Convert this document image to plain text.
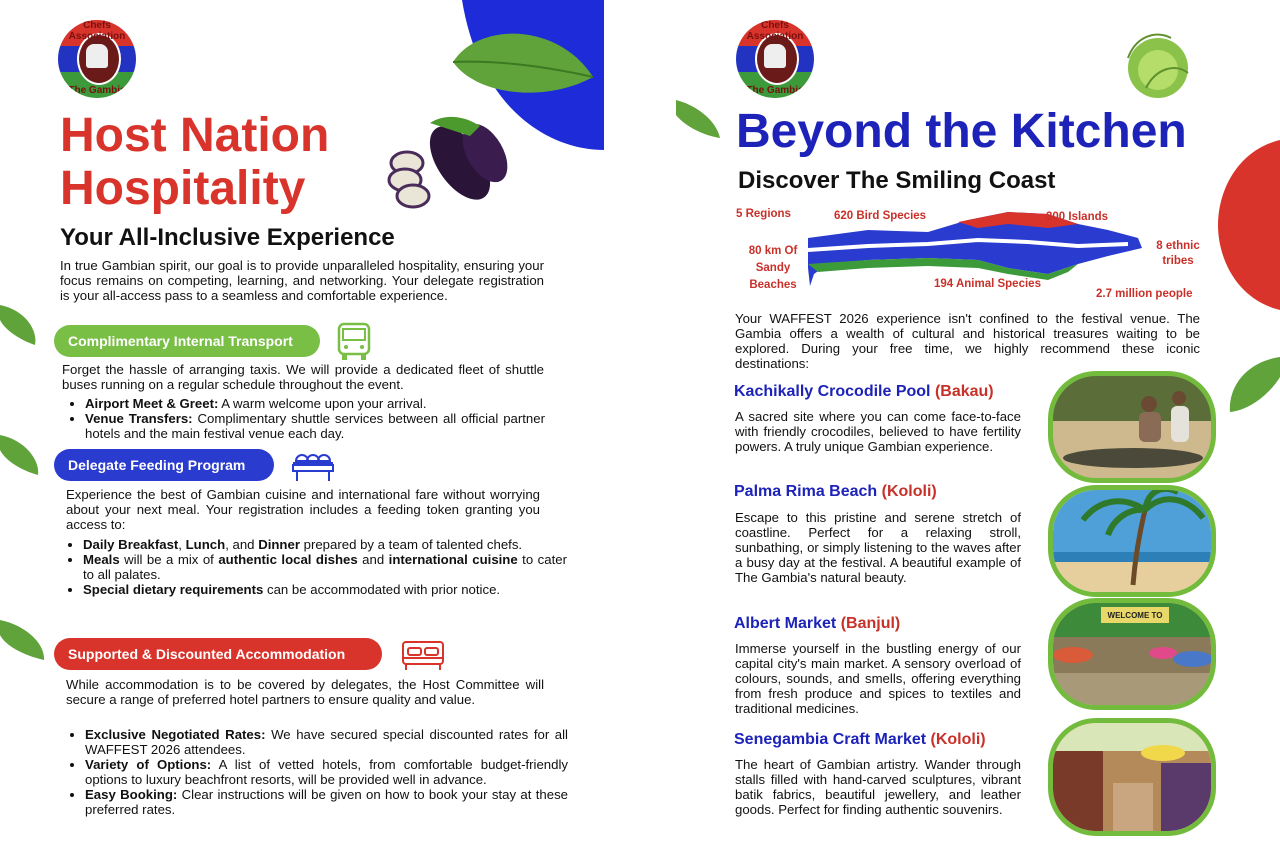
Chefs Association
The Gambia
Host Nation
Hospitality
Your All-Inclusive Experience
In true Gambian spirit, our goal is to provide unparalleled hospitality, ensuring your focus remains on competing, learning, and networking. Your delegate registration is your all-access pass to a seamless and comfortable experience.
Complimentary Internal Transport
Forget the hassle of arranging taxis. We will provide a dedicated fleet of shuttle buses running on a regular schedule throughout the event.
• Airport Meet & Greet: A warm welcome upon your arrival.
• Venue Transfers: Complimentary shuttle services between all official partner hotels and the main festival venue each day.
Delegate Feeding Program
Experience the best of Gambian cuisine and international fare without worrying about your next meal. Your registration includes a feeding token granting you access to:
• Daily Breakfast, Lunch, and Dinner prepared by a team of talented chefs.
• Meals will be a mix of authentic local dishes and international cuisine to cater to all palates.
• Special dietary requirements can be accommodated with prior notice.
Supported & Discounted Accommodation
While accommodation is to be covered by delegates, the Host Committee will secure a range of preferred hotel partners to ensure quality and value.
• Exclusive Negotiated Rates: We have secured special discounted rates for all WAFFEST 2026 attendees.
• Variety of Options: A list of vetted hotels, from comfortable budget-friendly options to luxury beachfront resorts, will be provided well in advance.
• Easy Booking: Clear instructions will be given on how to book your stay at these preferred rates.
Chefs Association
The Gambia
Beyond the Kitchen
Discover The Smiling Coast
5 Regions	620 Bird Species	300 Islands
80 km Of
Sandy
Beaches
8 ethnic
tribes
194 Animal Species
2.7 million people
Your WAFFEST 2026 experience isn't confined to the festival venue. The Gambia offers a wealth of cultural and historical treasures waiting to be explored. During your free time, we highly recommend these iconic destinations:
Kachikally Crocodile Pool (Bakau)
A sacred site where you can come face-to-face with friendly crocodiles, believed to have fertility powers. A truly unique Gambian experience.
Palma Rima Beach (Kololi)
Escape to this pristine and serene stretch of coastline. Perfect for a relaxing stroll, sunbathing, or simply listening to the waves after a busy day at the festival. A beautiful example of The Gambia's natural beauty.
Albert Market (Banjul)
Immerse yourself in the bustling energy of our capital city's main market. A sensory overload of colours, sounds, and smells, offering everything from fresh produce and spices to textiles and traditional medicines.
WELCOME TO
Senegambia Craft Market (Kololi)
The heart of Gambian artistry. Wander through stalls filled with hand-carved sculptures, vibrant batik fabrics, beautiful jewellery, and leather goods. Perfect for finding authentic souvenirs.
